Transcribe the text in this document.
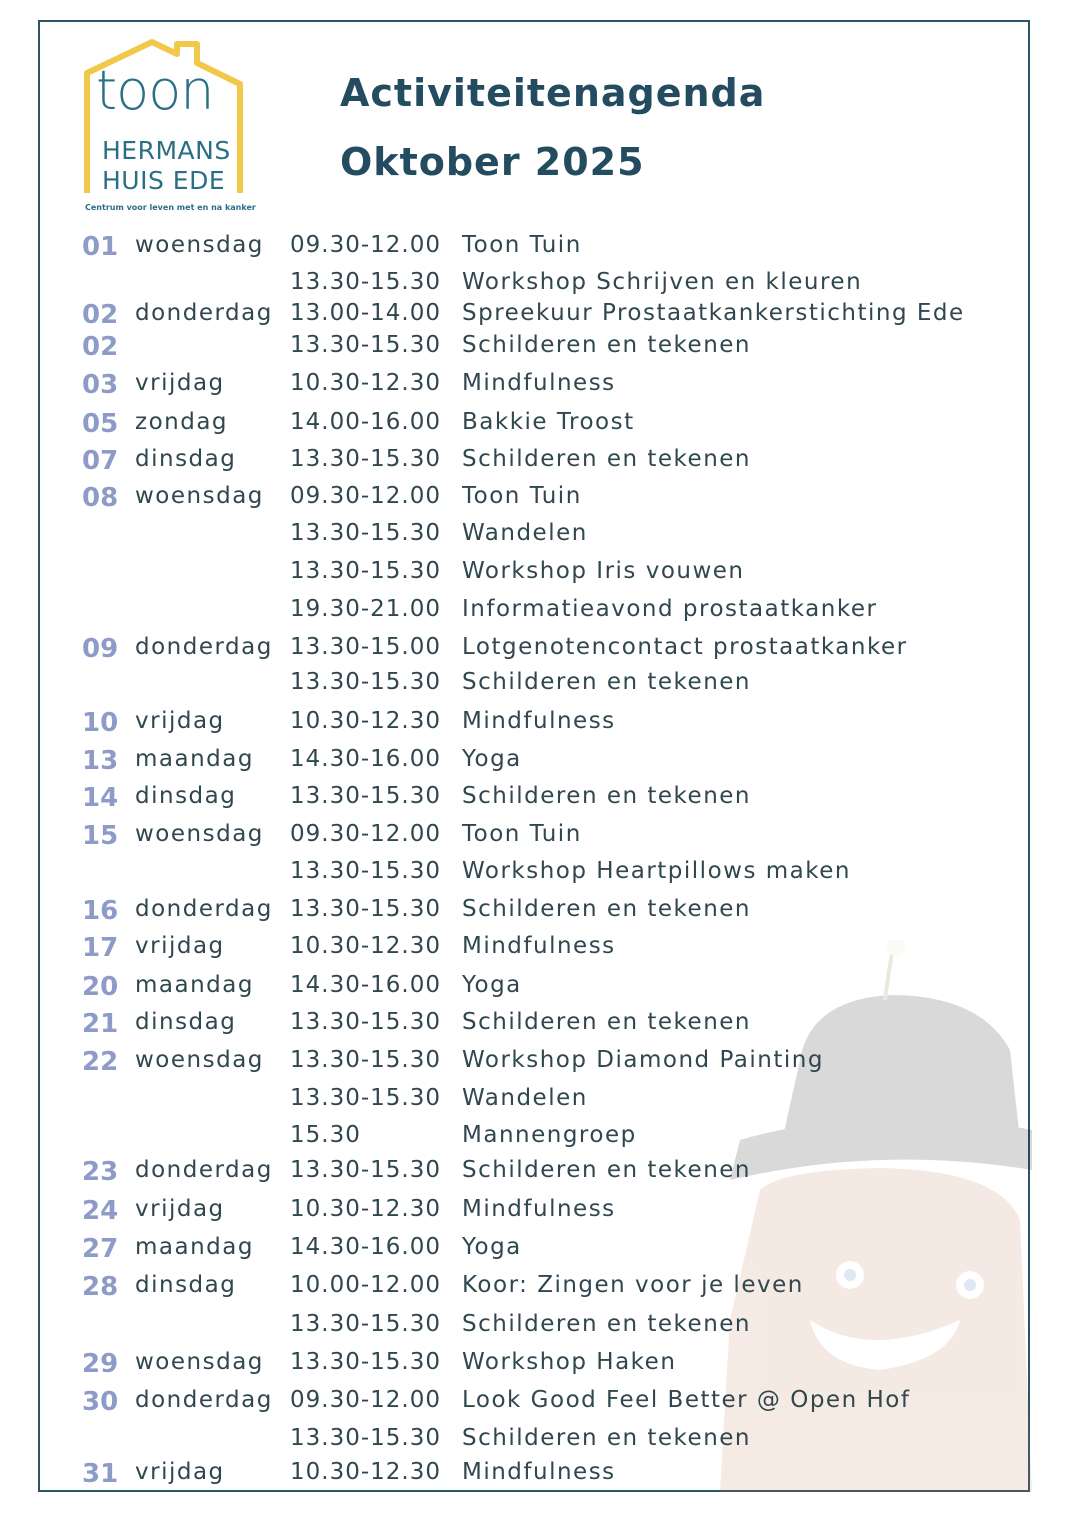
toon
HERMANS
HUIS EDE
Centrum voor leven met en na kanker
Activiteitenagenda
Oktober 2025
01 woensdag 09.30-12.00 Toon Tuin
13.30-15.30 Workshop Schrijven en kleuren
02 donderdag 13.00-14.00 Spreekuur Prostaatkankerstichting Ede
02	13.30-15.30 Schilderen en tekenen
03 vrijdag	10.30-12.30 Mindfulness
05 zondag	14.00-16.00 Bakkie Troost
07 dinsdag 13.30-15.30 Schilderen en tekenen
08 woensdag 09.30-12.00 Toon Tuin
13.30-15.30 Wandelen
13.30-15.30 Workshop Iris vouwen
19.30-21.00 Informatieavond prostaatkanker
09 donderdag 13.30-15.00 Lotgenotencontact prostaatkanker
13.30-15.30 Schilderen en tekenen
10 vrijdag	10.30-12.30 Mindfulness
13 maandag 14.30-16.00 Yoga
14 dinsdag 13.30-15.30 Schilderen en tekenen
15 woensdag 09.30-12.00 Toon Tuin
13.30-15.30 Workshop Heartpillows maken
16 donderdag 13.30-15.30 Schilderen en tekenen
17 vrijdag	10.30-12.30 Mindfulness
20 maandag 14.30-16.00 Yoga
21 dinsdag 13.30-15.30 Schilderen en tekenen
22 woensdag 13.30-15.30 Workshop Diamond Painting
13.30-15.30 Wandelen
15.30	Mannengroep
23 donderdag 13.30-15.30 Schilderen en tekenen
24 vrijdag	10.30-12.30 Mindfulness
27 maandag 14.30-16.00 Yoga
28 dinsdag 10.00-12.00 Koor: Zingen voor je leven
13.30-15.30 Schilderen en tekenen
29 woensdag 13.30-15.30 Workshop Haken
30 donderdag 09.30-12.00 Look Good Feel Better @ Open Hof
13.30-15.30 Schilderen en tekenen
31 vrijdag	10.30-12.30 Mindfulness
